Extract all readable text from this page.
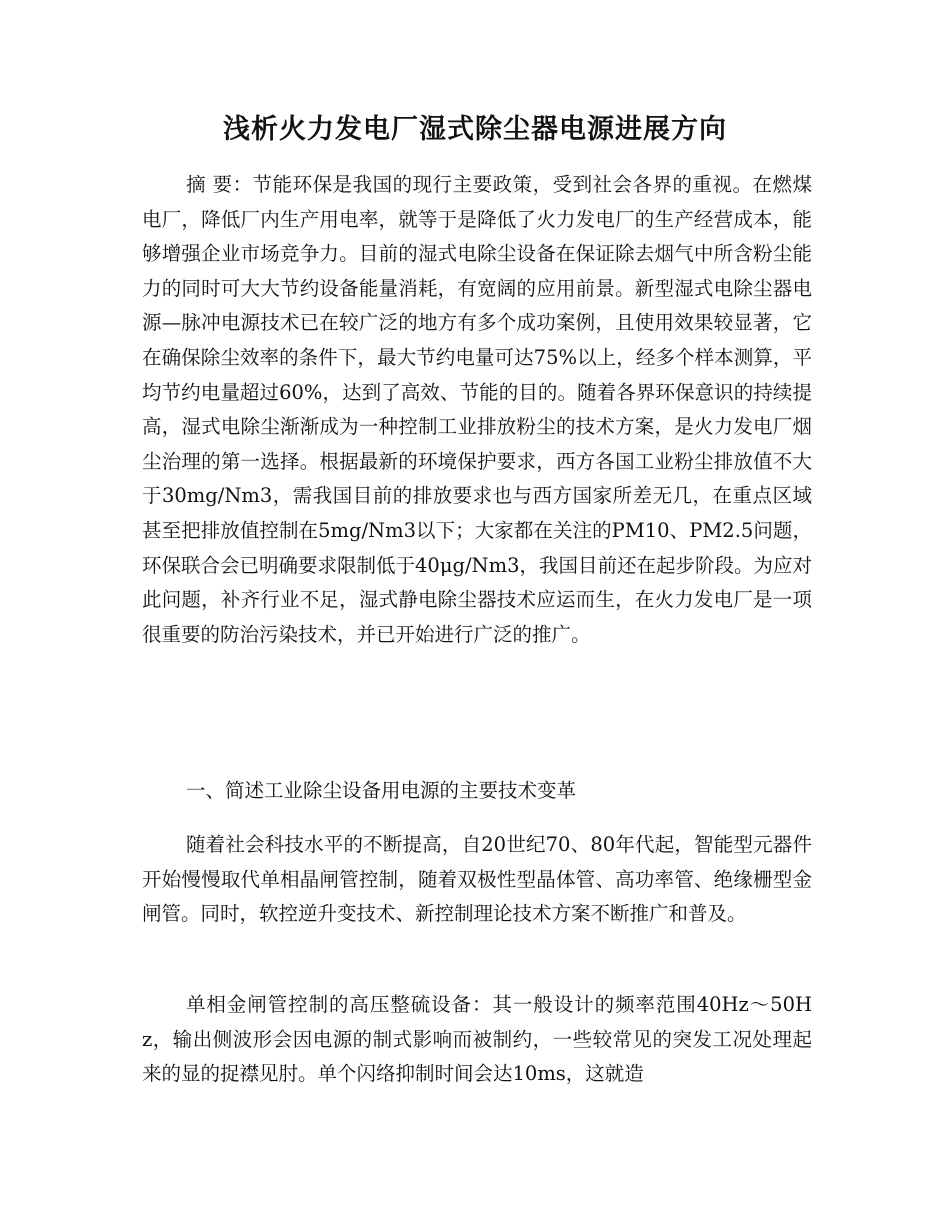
浅析火力发电厂湿式除尘器电源进展方向

摘 要：节能环保是我国的现行主要政策，受到社会各界的重视。在燃煤电厂，降低厂内生产用电率，就等于是降低了火力发电厂的生产经营成本，能够增强企业市场竞争力。目前的湿式电除尘设备在保证除去烟气中所含粉尘能力的同时可大大节约设备能量消耗，有宽阔的应用前景。新型湿式电除尘器电源—脉冲电源技术已在较广泛的地方有多个成功案例，且使用效果较显著，它在确保除尘效率的条件下，最大节约电量可达75%以上，经多个样本测算，平均节约电量超过60%，达到了高效、节能的目的。随着各界环保意识的持续提高，湿式电除尘渐渐成为一种控制工业排放粉尘的技术方案，是火力发电厂烟尘治理的第一选择。根据最新的环境保护要求，西方各国工业粉尘排放值不大于30mg/Nm3，需我国目前的排放要求也与西方国家所差无几，在重点区域甚至把排放值控制在5mg/Nm3以下；大家都在关注的PM10、PM2.5问题，环保联合会已明确要求限制低于40μg/Nm3，我国目前还在起步阶段。为应对此问题，补齐行业不足，湿式静电除尘器技术应运而生，在火力发电厂是一项很重要的防治污染技术，并已开始进行广泛的推广。

一、简述工业除尘设备用电源的主要技术变革

随着社会科技水平的不断提高，自20世纪70、80年代起，智能型元器件开始慢慢取代单相晶闸管控制，随着双极性型晶体管、高功率管、绝缘栅型金闸管。同时，软控逆升变技术、新控制理论技术方案不断推广和普及。

单相金闸管控制的高压整硫设备：其一般设计的频率范围40Hz～50Hz，输出侧波形会因电源的制式影响而被制约，一些较常见的突发工况处理起来的显的捉襟见肘。单个闪络抑制时间会达10ms，这就造
